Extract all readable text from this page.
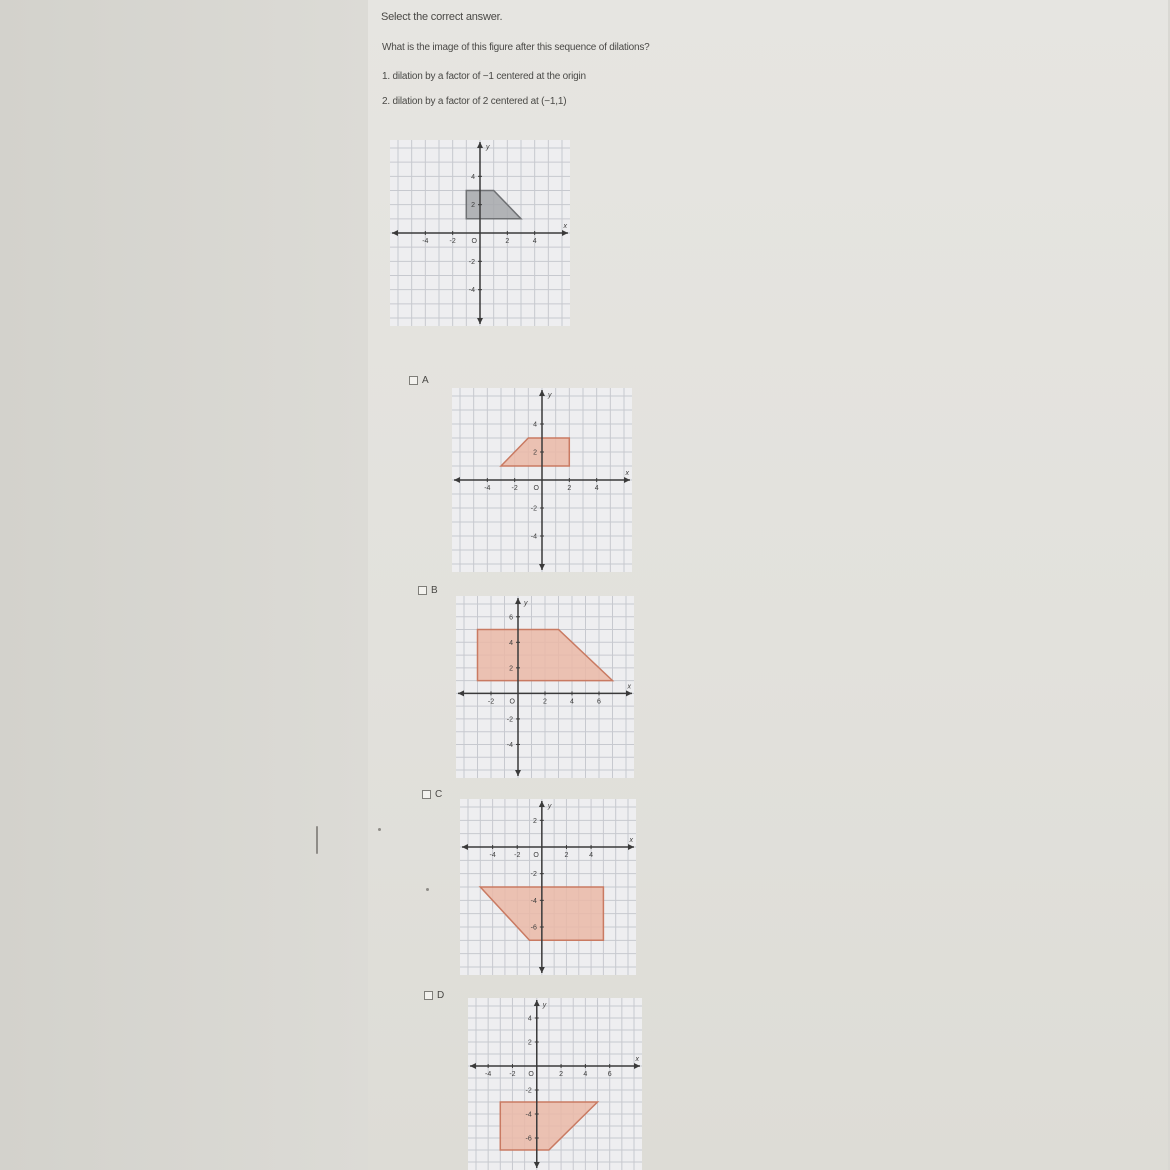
Select the correct answer.
What is the image of this figure after this sequence of dilations?
1. dilation by a factor of −1 centered at the origin
2. dilation by a factor of 2 centered at (−1,1)
-4	-2	2	4
4
2
-2
-4
O
x
y
A
-4	-2	2	4
4
2
-2
-4
O
x
y
B
-2	2	4	6
6
4
2
-2
-4
O
x
y
C
-4	-2	2	4
2
-2
-4
-6
O
x
y
D
-4	-2	2	4	6
4
2
-2
-4
-6
O
x
y
